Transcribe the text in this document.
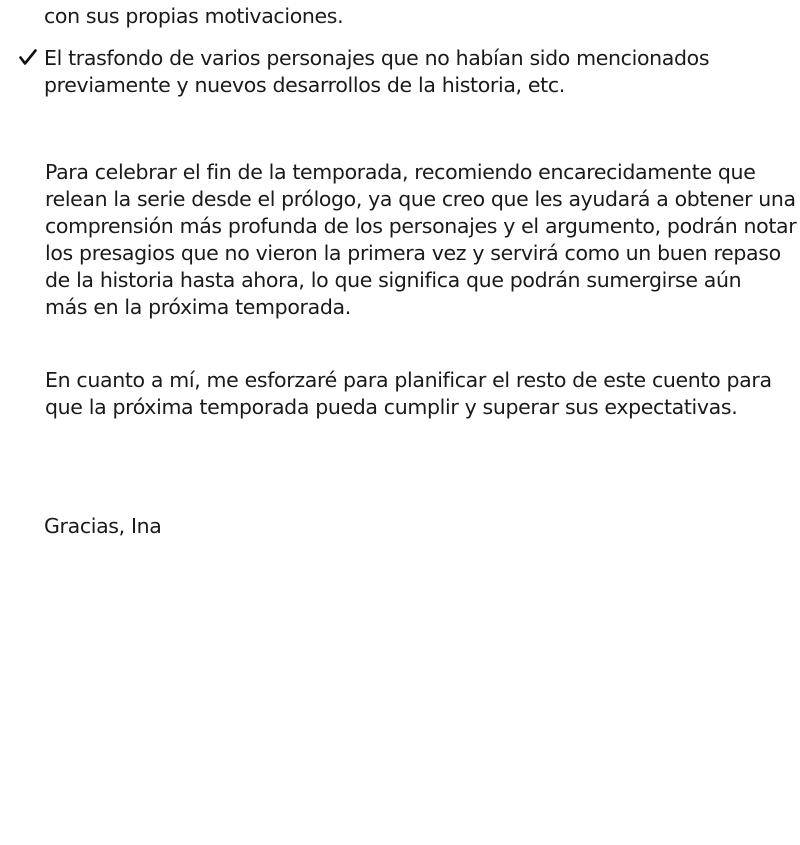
con sus propias motivaciones.
El trasfondo de varios personajes que no habían sido mencionados
previamente y nuevos desarrollos de la historia, etc.
Para celebrar el fin de la temporada, recomiendo encarecidamente que
relean la serie desde el prólogo, ya que creo que les ayudará a obtener una
comprensión más profunda de los personajes y el argumento, podrán notar
los presagios que no vieron la primera vez y servirá como un buen repaso
de la historia hasta ahora, lo que significa que podrán sumergirse aún
más en la próxima temporada.
En cuanto a mí, me esforzaré para planificar el resto de este cuento para
que la próxima temporada pueda cumplir y superar sus expectativas.
Gracias, Ina
